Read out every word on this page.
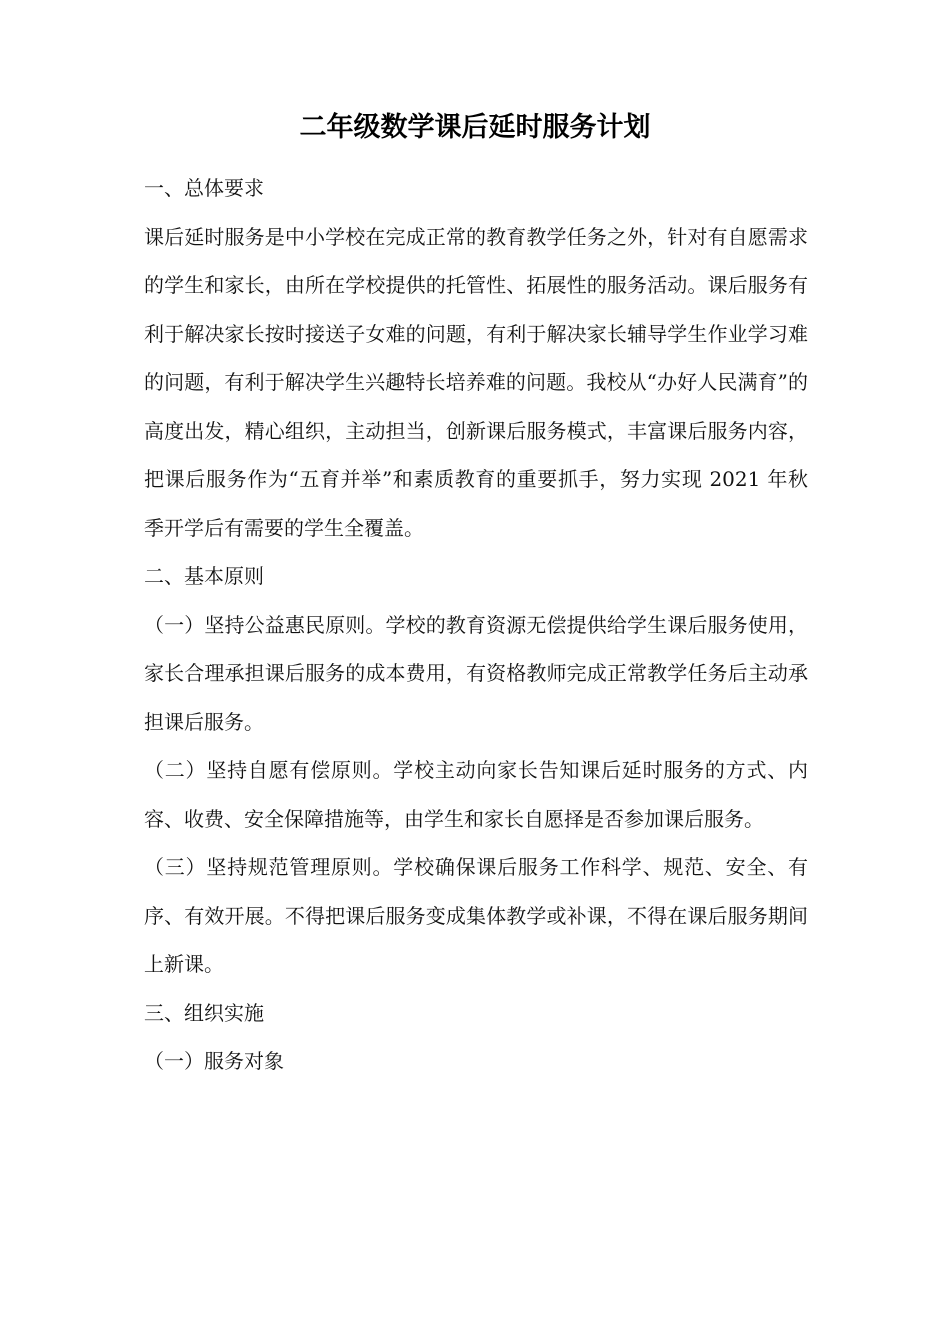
二年级数学课后延时服务计划

一、总体要求

课后延时服务是中小学校在完成正常的教育教学任务之外，针对有自愿需求的学生和家长，由所在学校提供的托管性、拓展性的服务活动。课后服务有利于解决家长按时接送子女难的问题，有利于解决家长辅导学生作业学习难的问题，有利于解决学生兴趣特长培养难的问题。我校从“办好人民满育”的高度出发，精心组织，主动担当，创新课后服务模式，丰富课后服务内容，把课后服务作为“五育并举”和素质教育的重要抓手，努力实现 2021 年秋季开学后有需要的学生全覆盖。

二、基本原则

（一）坚持公益惠民原则。学校的教育资源无偿提供给学生课后服务使用，家长合理承担课后服务的成本费用，有资格教师完成正常教学任务后主动承担课后服务。

（二）坚持自愿有偿原则。学校主动向家长告知课后延时服务的方式、内容、收费、安全保障措施等，由学生和家长自愿择是否参加课后服务。

（三）坚持规范管理原则。学校确保课后服务工作科学、规范、安全、有序、有效开展。不得把课后服务变成集体教学或补课，不得在课后服务期间上新课。

三、组织实施

（一）服务对象
